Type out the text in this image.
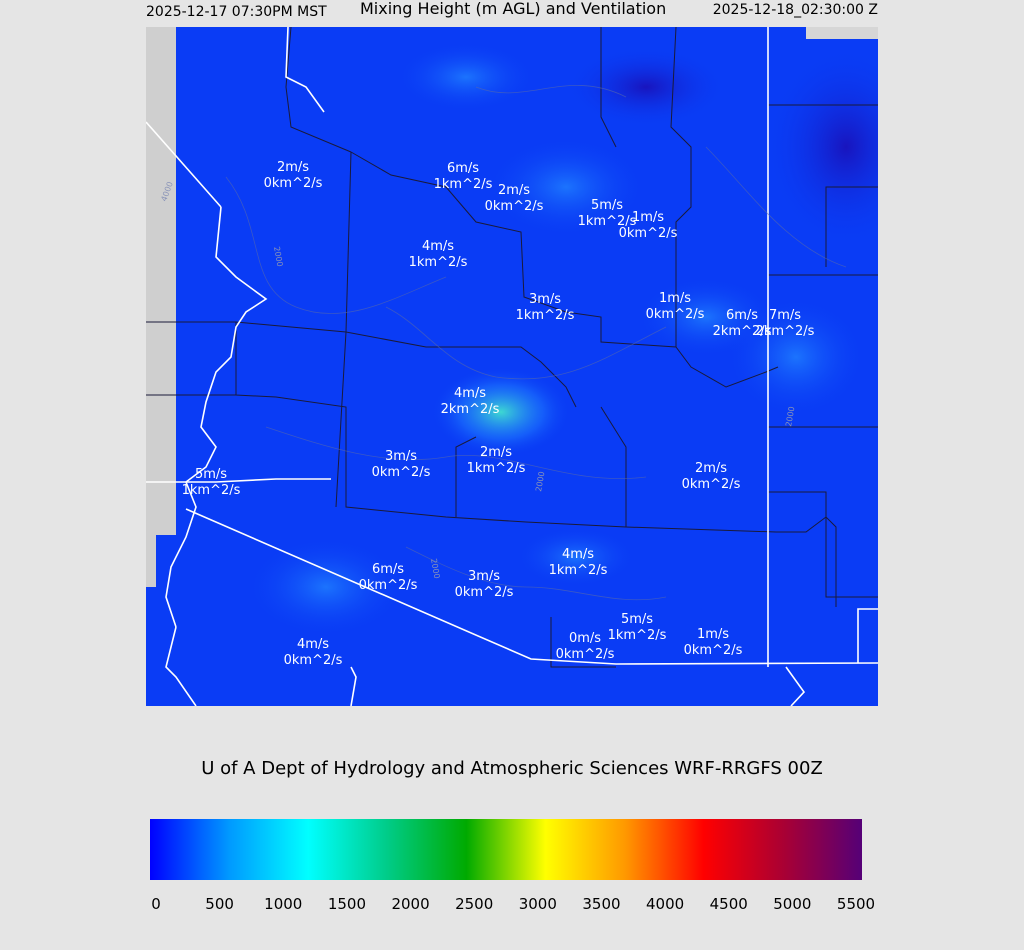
2025-12-17 07:30PM MST Mixing Height (m AGL) and Ventilation	2025-12-18_02:30:00 Z
4000
2000
2000
2000
2000
2m/s
0km^2/s
6m/s
1km^2/s 2m/s
0km^2/s	5m/s
1km^2/s
1m/s
0km^2/s
4m/s
1km^2/s
3m/s
1km^2/s
1m/s
0km^2/s	6m/s
2km^2/s
7m/s
2km^2/s
4m/s
2km^2/s
3m/s
0km^2/s
2m/s
1km^2/s
5m/s
1km^2/s
2m/s
0km^2/s
6m/s
0km^2/s
3m/s
0km^2/s
4m/s
1km^2/s
5m/s
1km^2/s
0m/s
0km^2/s
1m/s
0km^2/s
4m/s
0km^2/s
U of A Dept of Hydrology and Atmospheric Sciences WRF-RRGFS 00Z
0	500 1000 1500 2000 2500 3000 3500 4000 4500 5000 5500
